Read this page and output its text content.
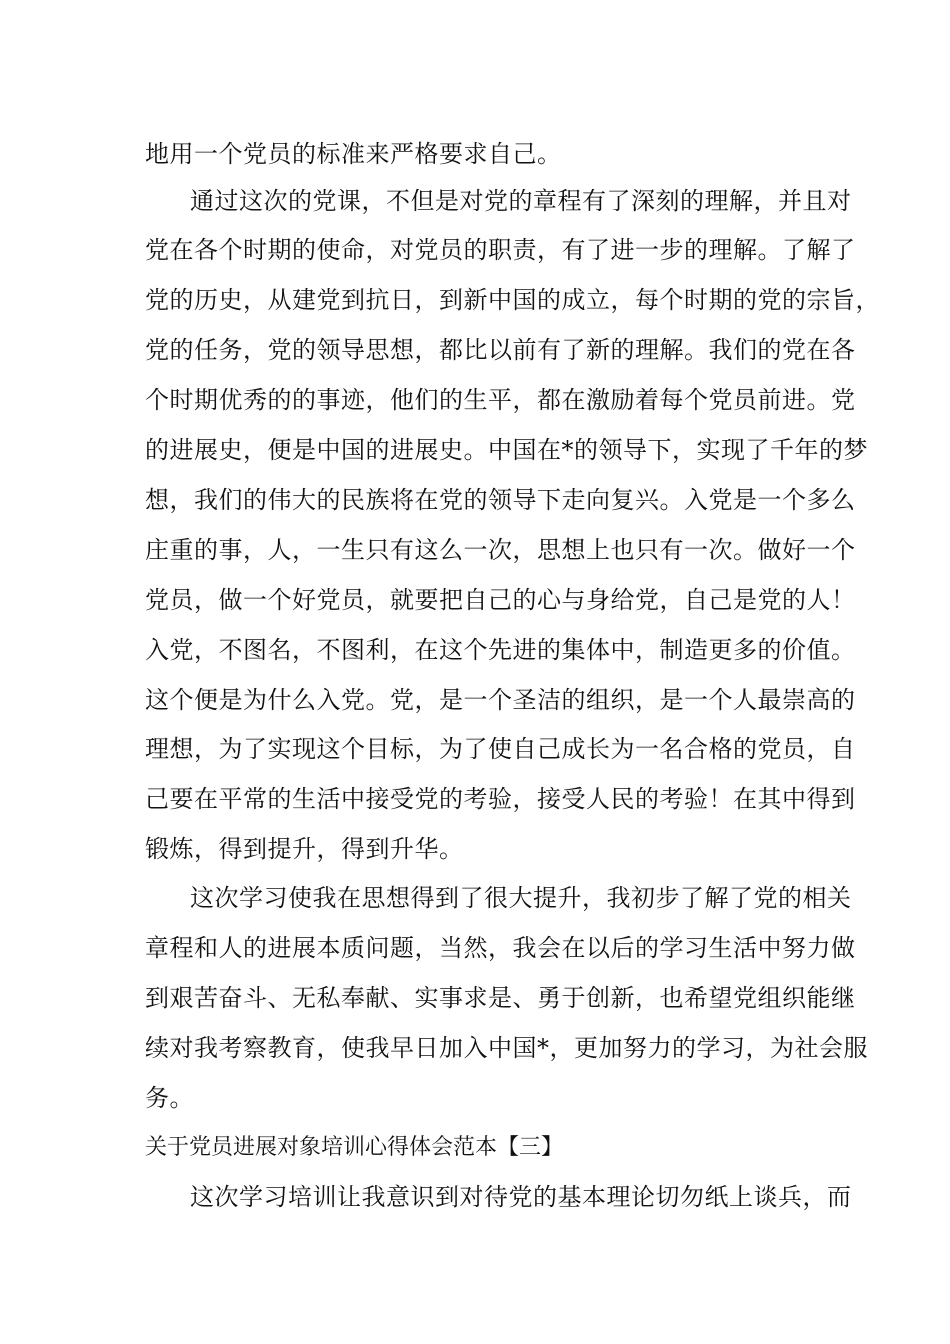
地用一个党员的标准来严格要求自己。
通过这次的党课，不但是对党的章程有了深刻的理解，并且对
党在各个时期的使命，对党员的职责，有了进一步的理解。了解了
党的历史，从建党到抗日，到新中国的成立，每个时期的党的宗旨，
党的任务，党的领导思想，都比以前有了新的理解。我们的党在各
个时期优秀的的事迹，他们的生平，都在激励着每个党员前进。党
的进展史，便是中国的进展史。中国在*的领导下，实现了千年的梦
想，我们的伟大的民族将在党的领导下走向复兴。入党是一个多么
庄重的事，人，一生只有这么一次，思想上也只有一次。做好一个
党员，做一个好党员，就要把自己的心与身给党，自己是党的人！
入党，不图名，不图利，在这个先进的集体中，制造更多的价值。
这个便是为什么入党。党，是一个圣洁的组织，是一个人最崇高的
理想，为了实现这个目标，为了使自己成长为一名合格的党员，自
己要在平常的生活中接受党的考验，接受人民的考验！在其中得到
锻炼，得到提升，得到升华。
这次学习使我在思想得到了很大提升，我初步了解了党的相关
章程和人的进展本质问题，当然，我会在以后的学习生活中努力做
到艰苦奋斗、无私奉献、实事求是、勇于创新，也希望党组织能继
续对我考察教育，使我早日加入中国*，更加努力的学习，为社会服
务。
关于党员进展对象培训心得体会范本【三】
这次学习培训让我意识到对待党的基本理论切勿纸上谈兵，而
